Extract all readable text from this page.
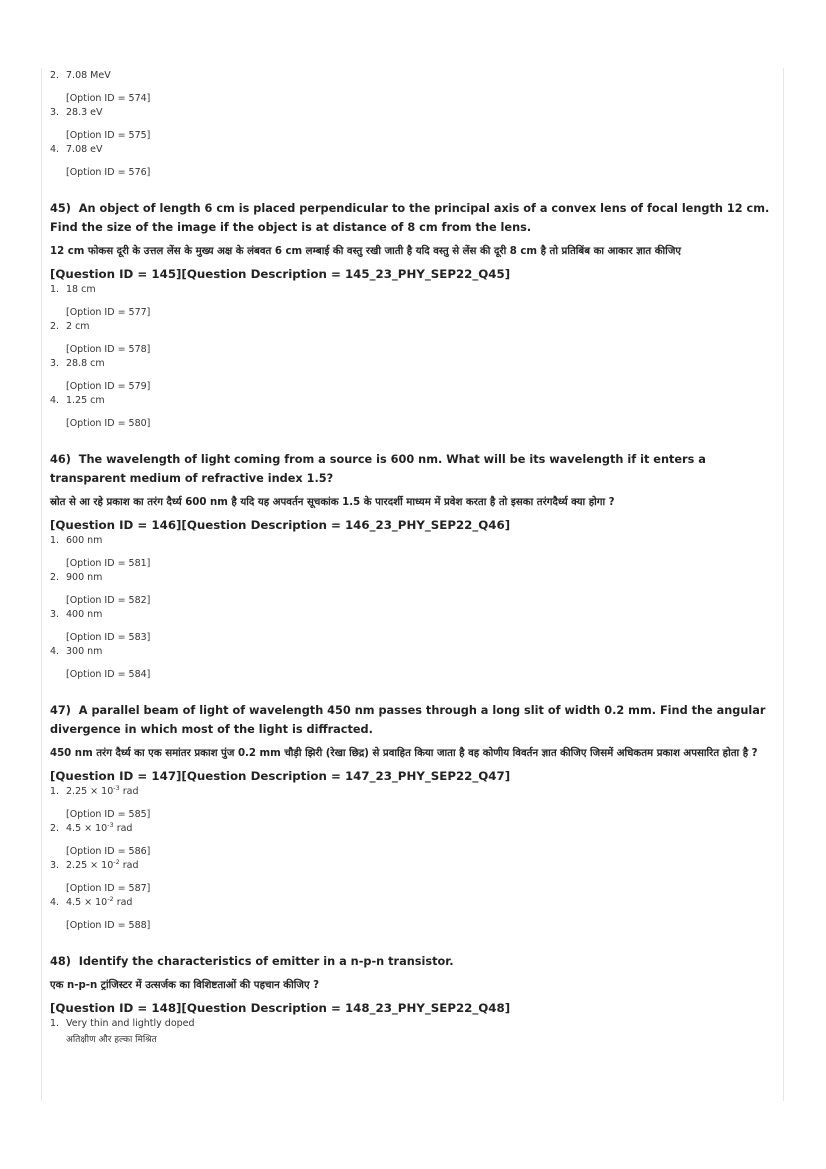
2. 7.08 MeV
[Option ID = 574]
3. 28.3 eV
[Option ID = 575]
4. 7.08 eV
[Option ID = 576]
45) An object of length 6 cm is placed perpendicular to the principal axis of a convex lens of focal length 12 cm. Find the size of the image if the object is at distance of 8 cm from the lens.
12 cm फोकस दूरी के उत्तल लेंस के मुख्य अक्ष के लंबवत 6 cm लम्बाई की वस्तु रखी जाती है यदि वस्तु से लेंस की दूरी 8 cm है तो प्रतिबिंब का आकार ज्ञात कीजिए
[Question ID = 145][Question Description = 145_23_PHY_SEP22_Q45]
1. 18 cm
[Option ID = 577]
2. 2 cm
[Option ID = 578]
3. 28.8 cm
[Option ID = 579]
4. 1.25 cm
[Option ID = 580]
46) The wavelength of light coming from a source is 600 nm. What will be its wavelength if it enters a transparent medium of refractive index 1.5?
स्रोत से आ रहे प्रकाश का तरंग दैर्ध्य 600 nm है यदि यह अपवर्तन सूचकांक 1.5 के पारदर्शी माध्यम में प्रवेश करता है तो इसका तरंगदैर्ध्य क्या होगा ?
[Question ID = 146][Question Description = 146_23_PHY_SEP22_Q46]
1. 600 nm
[Option ID = 581]
2. 900 nm
[Option ID = 582]
3. 400 nm
[Option ID = 583]
4. 300 nm
[Option ID = 584]
47) A parallel beam of light of wavelength 450 nm passes through a long slit of width 0.2 mm. Find the angular divergence in which most of the light is diffracted.
450 nm तरंग दैर्ध्य का एक समांतर प्रकाश पुंज 0.2 mm चौड़ी झिरी (रेखा छिद्र) से प्रवाहित किया जाता है वह कोणीय विवर्तन ज्ञात कीजिए जिसमें अधिकतम प्रकाश अपसारित होता है ?
[Question ID = 147][Question Description = 147_23_PHY_SEP22_Q47]
1. $2.25 \times 10^{-3}$ rad
[Option ID = 585]
2. $4.5 \times 10^{-3}$ rad
[Option ID = 586]
3. $2.25 \times 10^{-2}$ rad
[Option ID = 587]
4. $4.5 \times 10^{-2}$ rad
[Option ID = 588]
48) Identify the characteristics of emitter in a n-p-n transistor.
एक n-p-n ट्रांजिस्टर में उत्सर्जक का विशिष्टताओं की पहचान कीजिए ?
[Question ID = 148][Question Description = 148_23_PHY_SEP22_Q48]
1. Very thin and lightly doped
अतिक्षीण और हल्का मिश्रित
